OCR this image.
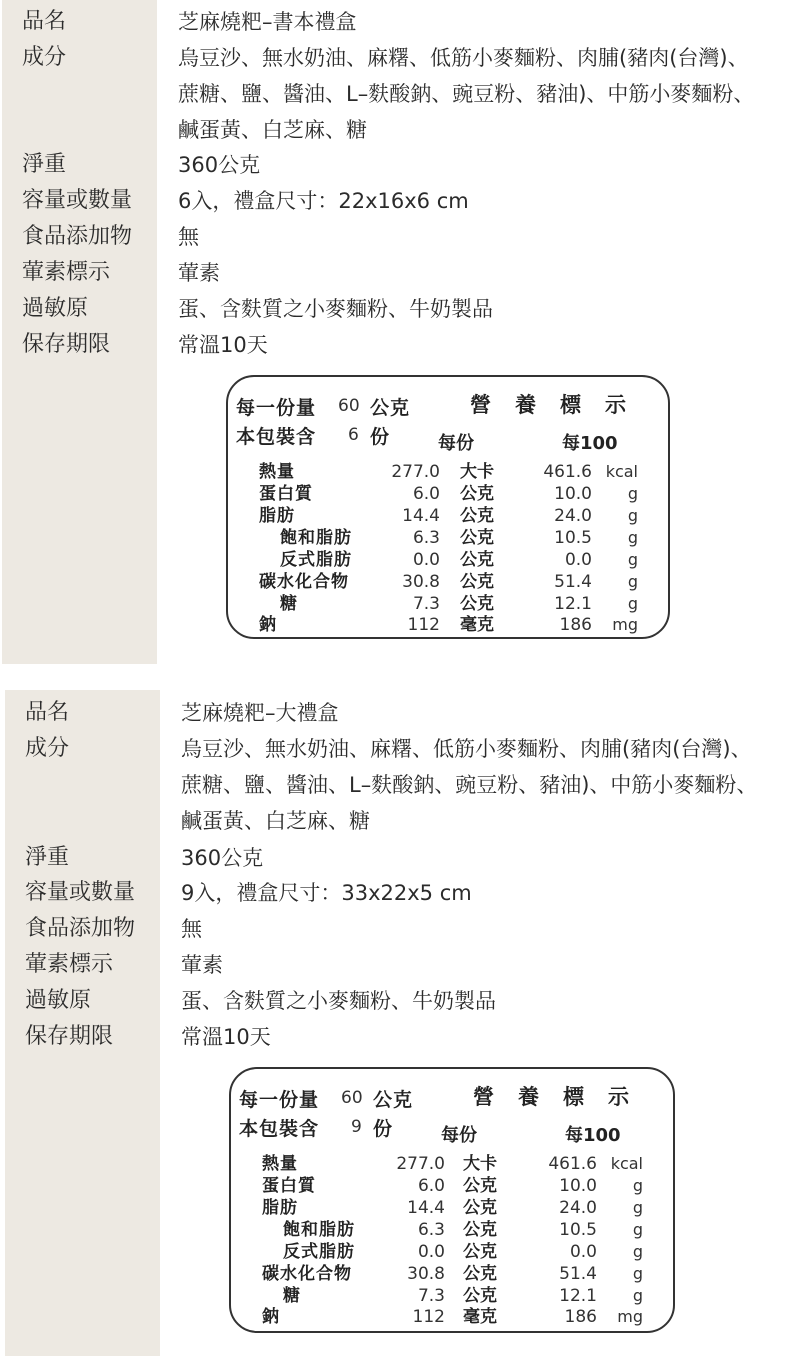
品名	芝麻燒粑–書本禮盒
成分	烏豆沙、無水奶油、麻糬、低筋小麥麵粉、肉脯(豬肉(台灣)、蔗糖、鹽、醬油、L–麩酸鈉、豌豆粉、豬油)、中筋小麥麵粉、鹹蛋黃、白芝麻、糖
淨重	360公克
容量或數量 6入，禮盒尺寸：22x16x6 cm
食品添加物 無
葷素標示	葷素
過敏原	蛋、含麩質之小麥麵粉、牛奶製品
保存期限	常溫10天
每一份量 60 公克
本包裝含 6 份
營養標示
每份	每100
熱量	277.0 大卡	461.6 kcal
蛋白質	6.0 公克	10.0 g
脂肪	14.4 公克	24.0 g
飽和脂肪	6.3 公克	10.5 g
反式脂肪	0.0 公克	0.0 g
碳水化合物	30.8 公克	51.4 g
糖	7.3 公克	12.1 g
鈉	112 毫克	186 mg
品名	芝麻燒粑–大禮盒
成分	烏豆沙、無水奶油、麻糬、低筋小麥麵粉、肉脯(豬肉(台灣)、蔗糖、鹽、醬油、L–麩酸鈉、豌豆粉、豬油)、中筋小麥麵粉、鹹蛋黃、白芝麻、糖
淨重	360公克
容量或數量 9入，禮盒尺寸：33x22x5 cm
食品添加物 無
葷素標示	葷素
過敏原	蛋、含麩質之小麥麵粉、牛奶製品
保存期限	常溫10天
每一份量 60 公克
本包裝含 9 份
營養標示
每份	每100
熱量	277.0 大卡	461.6 kcal
蛋白質	6.0 公克	10.0 g
脂肪	14.4 公克	24.0 g
飽和脂肪	6.3 公克	10.5 g
反式脂肪	0.0 公克	0.0 g
碳水化合物	30.8 公克	51.4 g
糖	7.3 公克	12.1 g
鈉	112 毫克	186 mg
